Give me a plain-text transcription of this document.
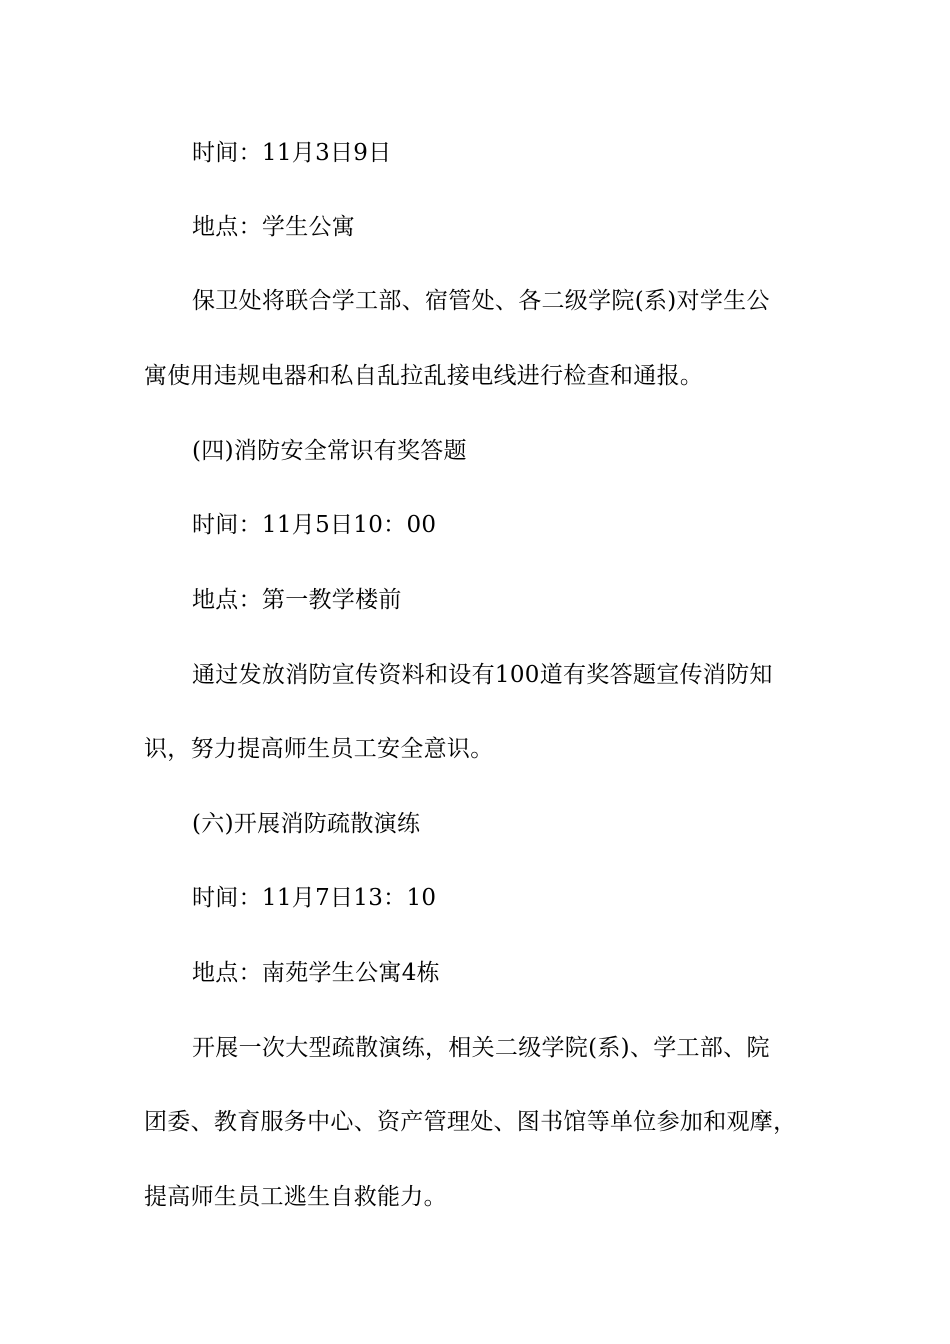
时间：11月3日9日
地点：学生公寓
保卫处将联合学工部、宿管处、各二级学院(系)对学生公
寓使用违规电器和私自乱拉乱接电线进行检查和通报。
(四)消防安全常识有奖答题
时间：11月5日10：00
地点：第一教学楼前
通过发放消防宣传资料和设有100道有奖答题宣传消防知
识，努力提高师生员工安全意识。
(六)开展消防疏散演练
时间：11月7日13：10
地点：南苑学生公寓4栋
开展一次大型疏散演练，相关二级学院(系)、学工部、院
团委、教育服务中心、资产管理处、图书馆等单位参加和观摩，
提高师生员工逃生自救能力。
